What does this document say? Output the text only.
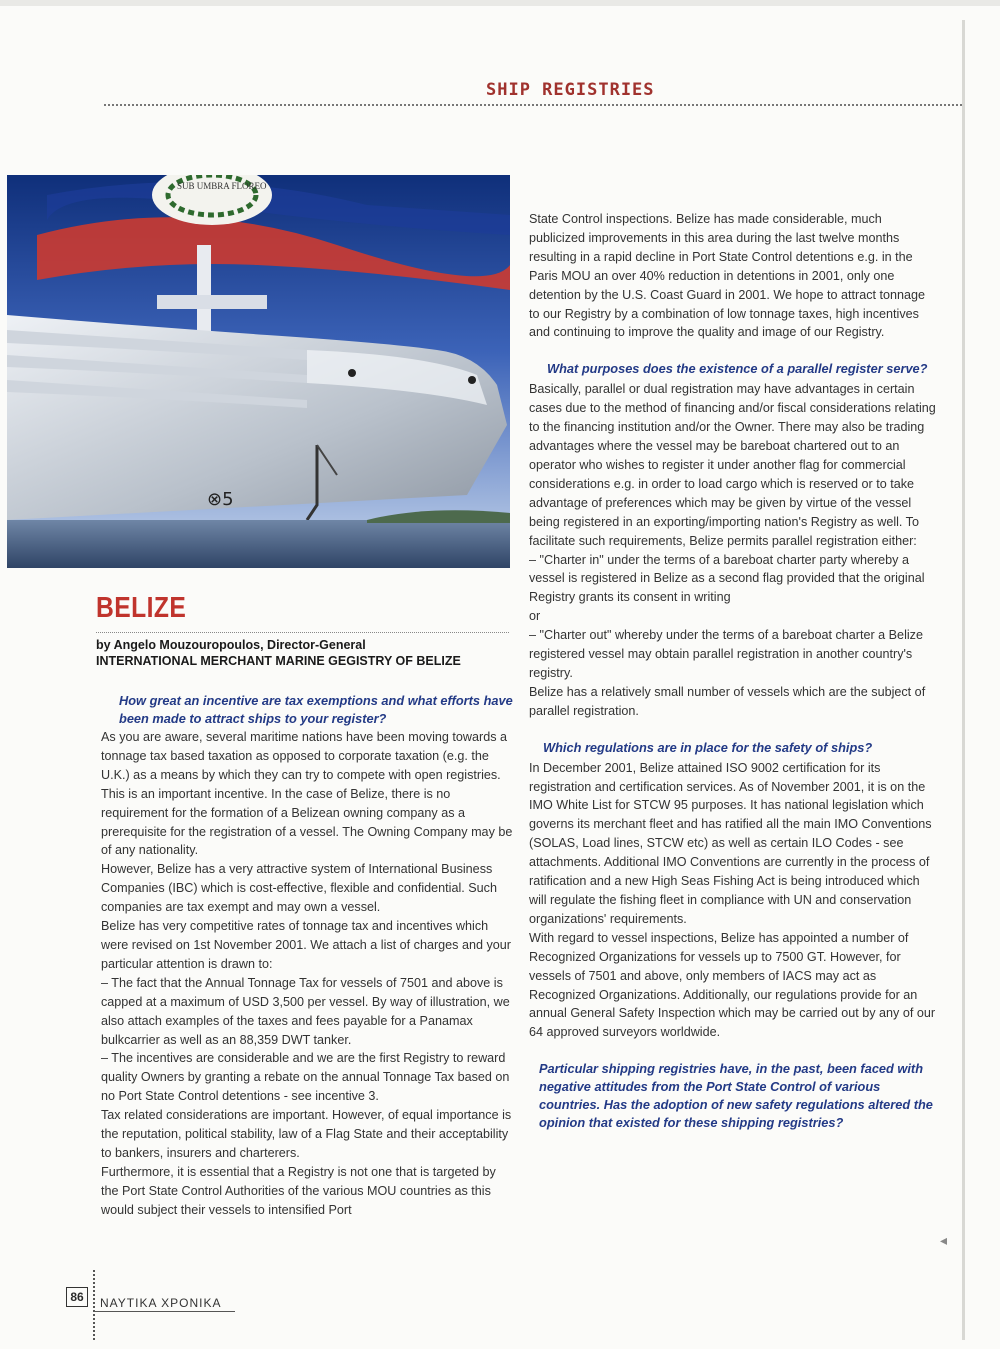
SHIP REGISTRIES
SUB UMBRA FLOREO
⊗5
BELIZE
by Angelo Mouzouropoulos, Director-General
INTERNATIONAL MERCHANT MARINE GEGISTRY OF BELIZE

How great an incentive are tax exemptions and what efforts have been made to attract ships to your register?

As you are aware, several maritime nations have been moving towards a tonnage tax based taxation as opposed to corporate taxation (e.g. the U.K.) as a means by which they can try to compete with open registries. This is an important incentive. In the case of Belize, there is no requirement for the formation of a Belizean owning company as a prerequisite for the registration of a vessel. The Owning Company may be of any nationality.

However, Belize has a very attractive system of International Business Companies (IBC) which is cost-effective, flexible and confidential. Such companies are tax exempt and may own a vessel.

Belize has very competitive rates of tonnage tax and incentives which were revised on 1st November 2001. We attach a list of charges and your particular attention is drawn to:

– The fact that the Annual Tonnage Tax for vessels of 7501 and above is capped at a maximum of USD 3,500 per vessel. By way of illustration, we also attach examples of the taxes and fees payable for a Panamax bulkcarrier as well as an 88,359 DWT tanker.

– The incentives are considerable and we are the first Registry to reward quality Owners by granting a rebate on the annual Tonnage Tax based on no Port State Control detentions - see incentive 3.

Tax related considerations are important. However, of equal importance is the reputation, political stability, law of a Flag State and their acceptability to bankers, insurers and charterers.

Furthermore, it is essential that a Registry is not one that is targeted by the Port State Control Authorities of the various MOU countries as this would subject their vessels to intensified Port

State Control inspections. Belize has made considerable, much publicized improvements in this area during the last twelve months resulting in a rapid decline in Port State Control detentions e.g. in the Paris MOU an over 40% reduction in detentions in 2001, only one detention by the U.S. Coast Guard in 2001. We hope to attract tonnage to our Registry by a combination of low tonnage taxes, high incentives and continuing to improve the quality and image of our Registry.

What purposes does the existence of a parallel register serve?

Basically, parallel or dual registration may have advantages in certain cases due to the method of financing and/or fiscal considerations relating to the financing institution and/or the Owner. There may also be trading advantages where the vessel may be bareboat chartered out to an operator who wishes to register it under another flag for commercial considerations e.g. in order to load cargo which is reserved or to take advantage of preferences which may be given by virtue of the vessel being registered in an exporting/importing nation's Registry as well. To facilitate such requirements, Belize permits parallel registration either:

– "Charter in" under the terms of a bareboat charter party whereby a vessel is registered in Belize as a second flag provided that the original Registry grants its consent in writing

or

– "Charter out" whereby under the terms of a bareboat charter a Belize registered vessel may obtain parallel registration in another country's registry.

Belize has a relatively small number of vessels which are the subject of parallel registration.

Which regulations are in place for the safety of ships?

In December 2001, Belize attained ISO 9002 certification for its registration and certification services. As of November 2001, it is on the IMO White List for STCW 95 purposes. It has national legislation which governs its merchant fleet and has ratified all the main IMO Conventions (SOLAS, Load lines, STCW etc) as well as certain ILO Codes - see attachments. Additional IMO Conventions are currently in the process of ratification and a new High Seas Fishing Act is being introduced which will regulate the fishing fleet in compliance with UN and conservation organizations' requirements.

With regard to vessel inspections, Belize has appointed a number of Recognized Organizations for vessels up to 7500 GT. However, for vessels of 7501 and above, only members of IACS may act as Recognized Organizations. Additionally, our regulations provide for an annual General Safety Inspection which may be carried out by any of our 64 approved surveyors worldwide.

Particular shipping registries have, in the past, been faced with negative attitudes from the Port State Control of various countries. Has the adoption of new safety regulations altered the opinion that existed for these shipping registries?

◂
86	ΝΑΥΤΙΚΑ ΧΡΟΝΙΚΑ
